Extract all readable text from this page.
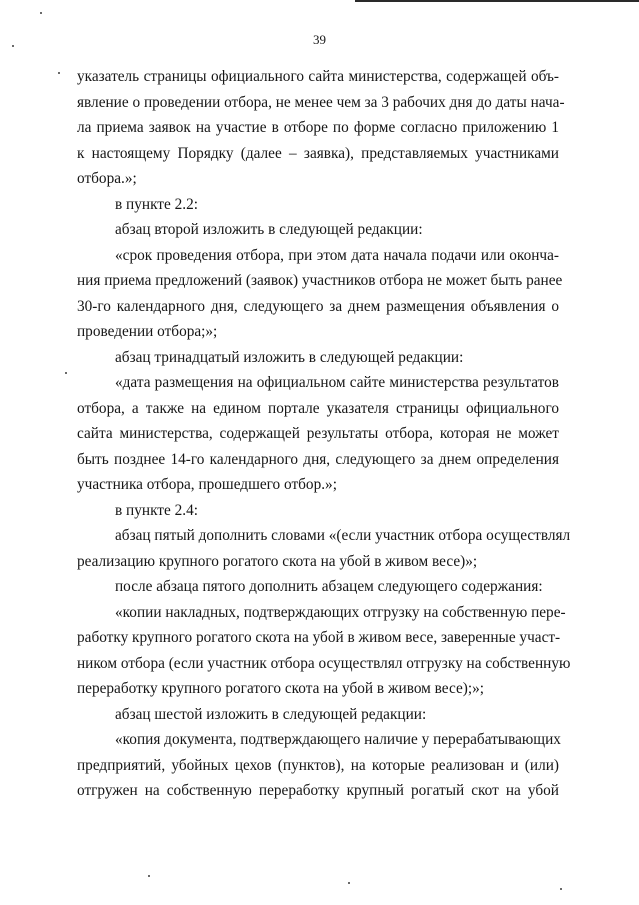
39
указатель страницы официального сайта министерства, содержащей объ-
явление о проведении отбора, не менее чем за 3 рабочих дня до даты нача-
ла приема заявок на участие в отборе по форме согласно приложению 1
к настоящему Порядку (далее – заявка), представляемых участниками
отбора.»;
в пункте 2.2:
абзац второй изложить в следующей редакции:
«срок проведения отбора, при этом дата начала подачи или оконча-
ния приема предложений (заявок) участников отбора не может быть ранее
30-го календарного дня, следующего за днем размещения объявления о
проведении отбора;»;
абзац тринадцатый изложить в следующей редакции:
«дата размещения на официальном сайте министерства результатов
отбора, а также на едином портале указателя страницы официального
сайта министерства, содержащей результаты отбора, которая не может
быть позднее 14-го календарного дня, следующего за днем определения
участника отбора, прошедшего отбор.»;
в пункте 2.4:
абзац пятый дополнить словами «(если участник отбора осуществлял
реализацию крупного рогатого скота на убой в живом весе)»;
после абзаца пятого дополнить абзацем следующего содержания:
«копии накладных, подтверждающих отгрузку на собственную пере-
работку крупного рогатого скота на убой в живом весе, заверенные участ-
ником отбора (если участник отбора осуществлял отгрузку на собственную
переработку крупного рогатого скота на убой в живом весе);»;
абзац шестой изложить в следующей редакции:
«копия документа, подтверждающего наличие у перерабатывающих
предприятий, убойных цехов (пунктов), на которые реализован и (или)
отгружен на собственную переработку крупный рогатый скот на убой
